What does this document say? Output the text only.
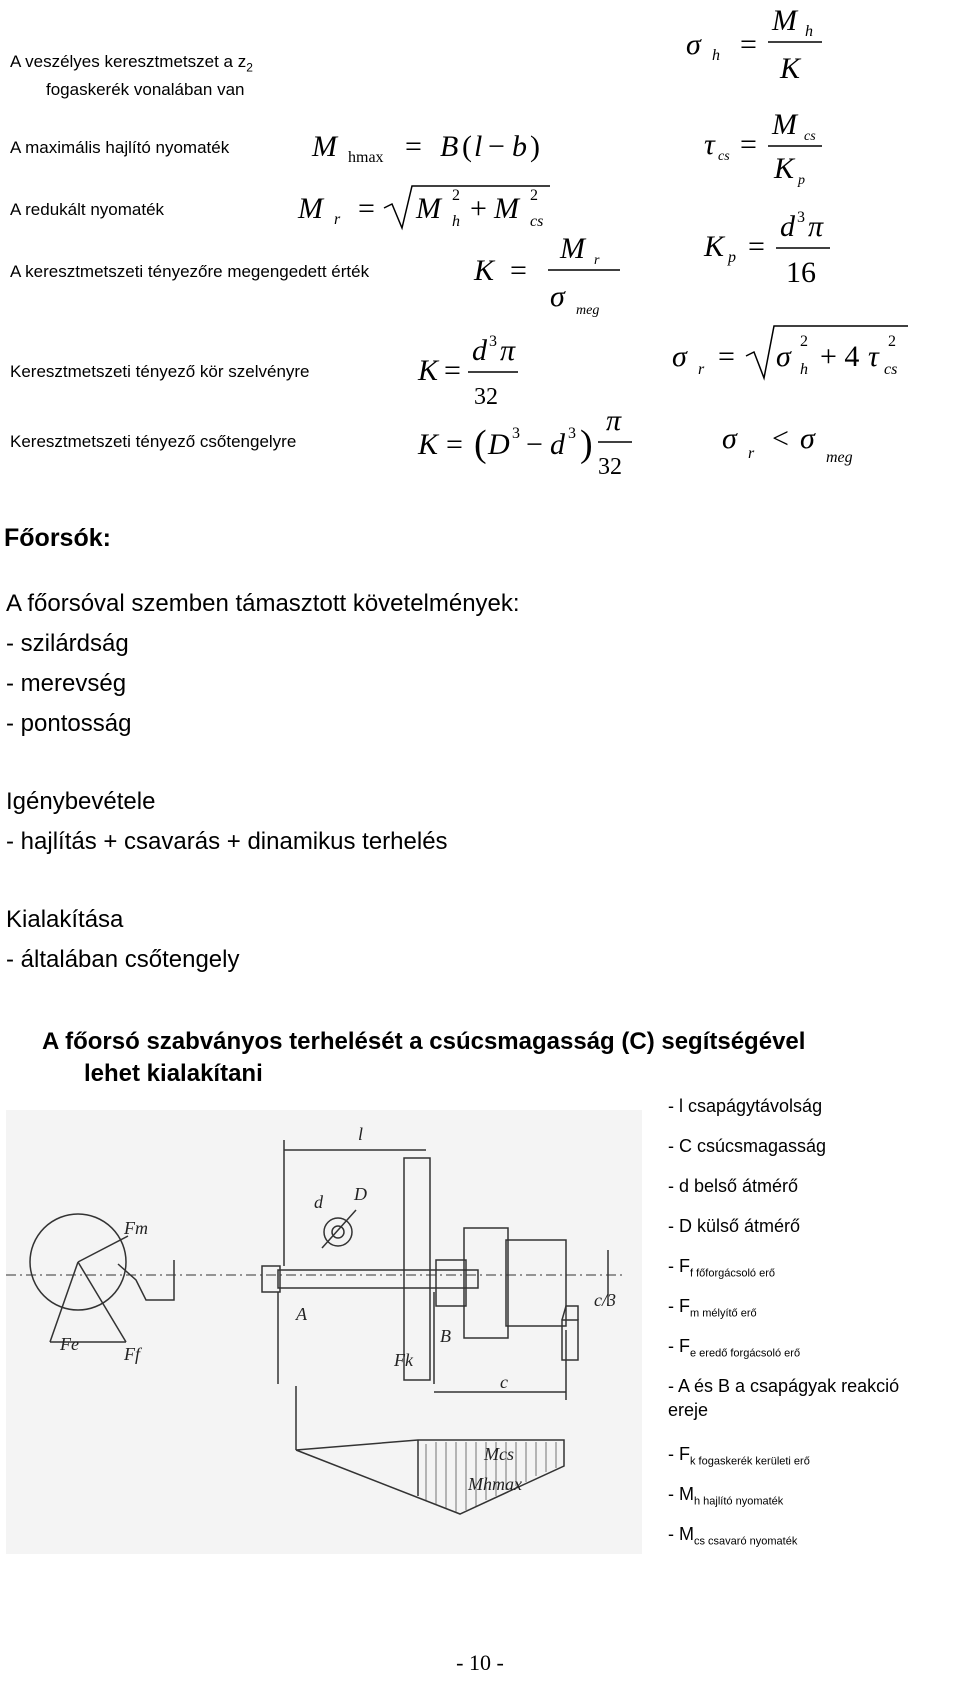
A veszélyes keresztmetszet a $z_2$
fogaskerék vonalában van
A maximális hajlító nyomaték
A redukált nyomaték
A keresztmetszeti tényezőre megengedett érték
Keresztmetszeti tényező kör szelvényre
Keresztmetszeti tényező csőtengelyre
σ h =
M h
K
M hmax = B ( l − b )	τ cs =
M cs
K p
M r = M 2
h + M 2
cs
K p =
d 3 π
16
K =
M r
σ meg
σ r = σ 2
h + 4 τ 2
cs
K =
d 3 π
32
K = ( D 3 − d 3 )
π
32
σ r < σ
meg
Főorsók:
A főorsóval szemben támasztott követelmények:
- szilárdság
- merevség
- pontosság
Igénybevétele
- hajlítás + csavarás + dinamikus terhelés
Kialakítása
- általában csőtengely
A főorsó szabványos terhelését a csúcsmagasság (C) segítségével
lehet kialakítani
l
d D
Fm
Fe	Ff
A
B
Fk
c
c/3
Mcs
Mhmax
- l csapágytávolság
- C csúcsmagasság
- d belső átmérő
- D külső átmérő
- $F_{f főforgácsoló erő}$
- $F_{m mélyítő erő}$
- $F_{e eredő forgácsoló erő}$
- A és B a csapágyak reakció
ereje
- $F_{k fogaskerék kerületi erő}$
- $M_{h hajlító nyomaték}$
- $M_{cs csavaró nyomaték}$
- 10 -
